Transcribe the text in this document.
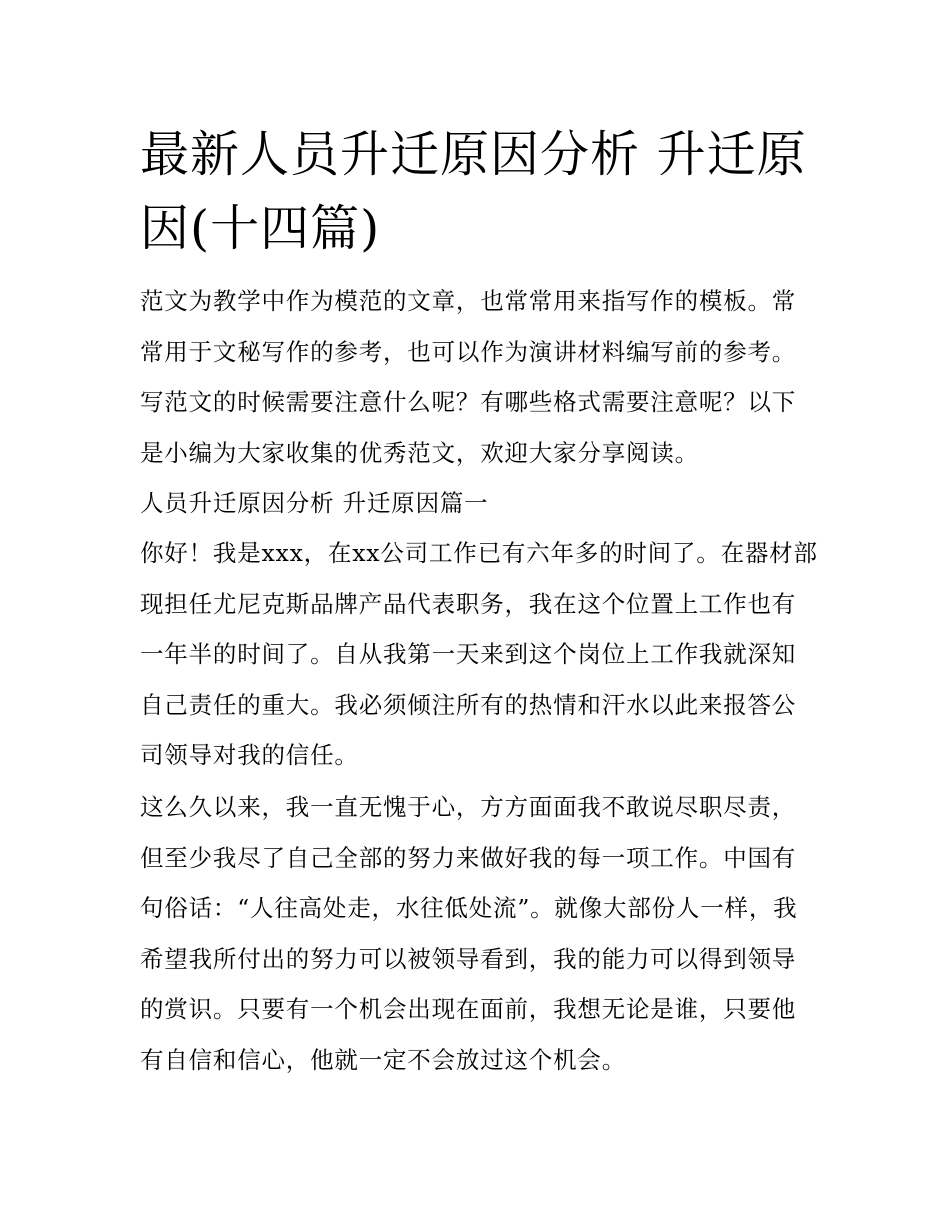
最新人员升迁原因分析 升迁原因(十四篇)

范文为教学中作为模范的文章，也常常用来指写作的模板。常常用于文秘写作的参考，也可以作为演讲材料编写前的参考。写范文的时候需要注意什么呢？有哪些格式需要注意呢？以下是小编为大家收集的优秀范文，欢迎大家分享阅读。

人员升迁原因分析 升迁原因篇一

你好！我是xxx，在xx公司工作已有六年多的时间了。在器材部现担任尤尼克斯品牌产品代表职务，我在这个位置上工作也有一年半的时间了。自从我第一天来到这个岗位上工作我就深知自己责任的重大。我必须倾注所有的热情和汗水以此来报答公司领导对我的信任。

这么久以来，我一直无愧于心，方方面面我不敢说尽职尽责，但至少我尽了自己全部的努力来做好我的每一项工作。中国有句俗话：“人往高处走，水往低处流”。就像大部份人一样，我希望我所付出的努力可以被领导看到，我的能力可以得到领导的赏识。只要有一个机会出现在面前，我想无论是谁，只要他有自信和信心，他就一定不会放过这个机会。
